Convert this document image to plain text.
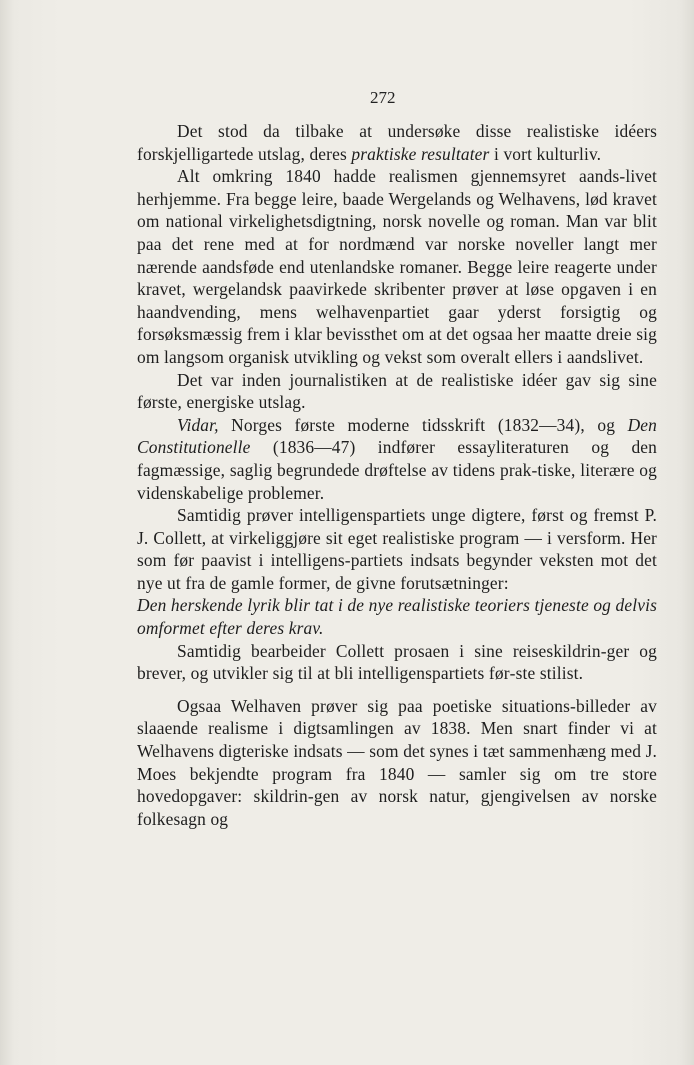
272

Det stod da tilbake at undersøke disse realistiske idéers forskjelligartede utslag, deres praktiske resultater i vort kulturliv.

Alt omkring 1840 hadde realismen gjennemsyret aands‑livet herhjemme. Fra begge leire, baade Wergelands og Welhavens, lød kravet om national virkelighetsdigtning, norsk novelle og roman. Man var blit paa det rene med at for nordmænd var norske noveller langt mer nærende aandsføde end utenlandske romaner. Begge leire reagerte under kravet, wergelandsk paavirkede skribenter prøver at løse opgaven i en haandvending, mens welhavenpartiet gaar yderst forsigtig og forsøksmæssig frem i klar bevissthet om at det ogsaa her maatte dreie sig om langsom organisk utvikling og vekst som overalt ellers i aandslivet.

Det var inden journalistiken at de realistiske idéer gav sig sine første, energiske utslag.

Vidar, Norges første moderne tidsskrift (1832—34), og Den Constitutionelle (1836—47) indfører essayliteraturen og den fagmæssige, saglig begrundede drøftelse av tidens prak‑tiske, literære og videnskabelige problemer.

Samtidig prøver intelligenspartiets unge digtere, først og fremst P. J. Collett, at virkeliggjøre sit eget realistiske program — i versform. Her som før paavist i intelligens‑partiets indsats begynder veksten mot det nye ut fra de gamle former, de givne forutsætninger:

Den herskende lyrik blir tat i de nye realistiske teoriers tjeneste og delvis omformet efter deres krav.

Samtidig bearbeider Collett prosaen i sine reiseskildrin‑ger og brever, og utvikler sig til at bli intelligenspartiets før‑ste stilist.

Ogsaa Welhaven prøver sig paa poetiske situations‑billeder av slaaende realisme i digtsamlingen av 1838. Men snart finder vi at Welhavens digteriske indsats — som det synes i tæt sammenhæng med J. Moes bekjendte program fra 1840 — samler sig om tre store hovedopgaver: skildrin‑gen av norsk natur, gjengivelsen av norske folkesagn og
